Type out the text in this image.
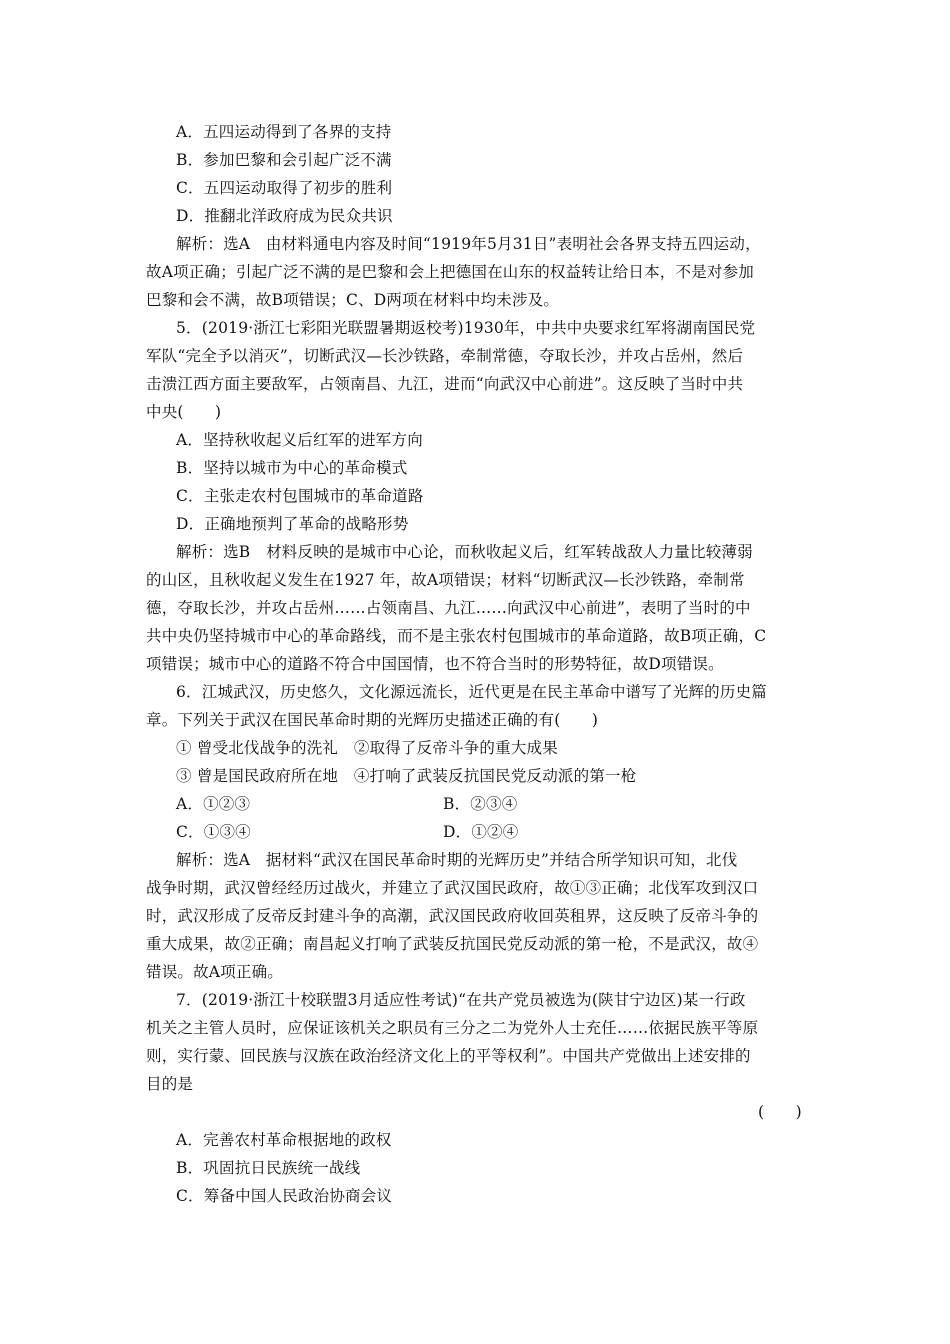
A．五四运动得到了各界的支持
B．参加巴黎和会引起广泛不满
C．五四运动取得了初步的胜利
D．推翻北洋政府成为民众共识
解析：选A　由材料通电内容及时间“1919年5月31日”表明社会各界支持五四运动，
故A项正确；引起广泛不满的是巴黎和会上把德国在山东的权益转让给日本，不是对参加
巴黎和会不满，故B项错误；C、D两项在材料中均未涉及。
5．(2019·浙江七彩阳光联盟暑期返校考)1930年，中共中央要求红军将湖南国民党
军队“完全予以消灭”，切断武汉—长沙铁路，牵制常德，夺取长沙，并攻占岳州，然后
击溃江西方面主要敌军，占领南昌、九江，进而“向武汉中心前进”。这反映了当时中共
中央(　　)
A．坚持秋收起义后红军的进军方向
B．坚持以城市为中心的革命模式
C．主张走农村包围城市的革命道路
D．正确地预判了革命的战略形势
解析：选B　材料反映的是城市中心论，而秋收起义后，红军转战敌人力量比较薄弱
的山区，且秋收起义发生在1927 年，故A项错误；材料“切断武汉—长沙铁路，牵制常
德，夺取长沙，并攻占岳州……占领南昌、九江……向武汉中心前进”，表明了当时的中
共中央仍坚持城市中心的革命路线，而不是主张农村包围城市的革命道路，故B项正确，C
项错误；城市中心的道路不符合中国国情，也不符合当时的形势特征，故D项错误。
6．江城武汉，历史悠久，文化源远流长，近代更是在民主革命中谱写了光辉的历史篇
章。下列关于武汉在国民革命时期的光辉历史描述正确的有(　　)
① 曾受北伐战争的洗礼　②取得了反帝斗争的重大成果
③ 曾是国民政府所在地　④打响了武装反抗国民党反动派的第一枪
A．①②③	B．②③④
C．①③④	D．①②④
解析：选A　据材料“武汉在国民革命时期的光辉历史”并结合所学知识可知，北伐
战争时期，武汉曾经经历过战火，并建立了武汉国民政府，故①③正确；北伐军攻到汉口
时，武汉形成了反帝反封建斗争的高潮，武汉国民政府收回英租界，这反映了反帝斗争的
重大成果，故②正确；南昌起义打响了武装反抗国民党反动派的第一枪，不是武汉，故④
错误。故A项正确。
7．(2019·浙江十校联盟3月适应性考试)“在共产党员被选为(陕甘宁边区)某一行政
机关之主管人员时，应保证该机关之职员有三分之二为党外人士充任……依据民族平等原
则，实行蒙、回民族与汉族在政治经济文化上的平等权利”。中国共产党做出上述安排的
目的是
(　　)
A．完善农村革命根据地的政权
B．巩固抗日民族统一战线
C．筹备中国人民政治协商会议
